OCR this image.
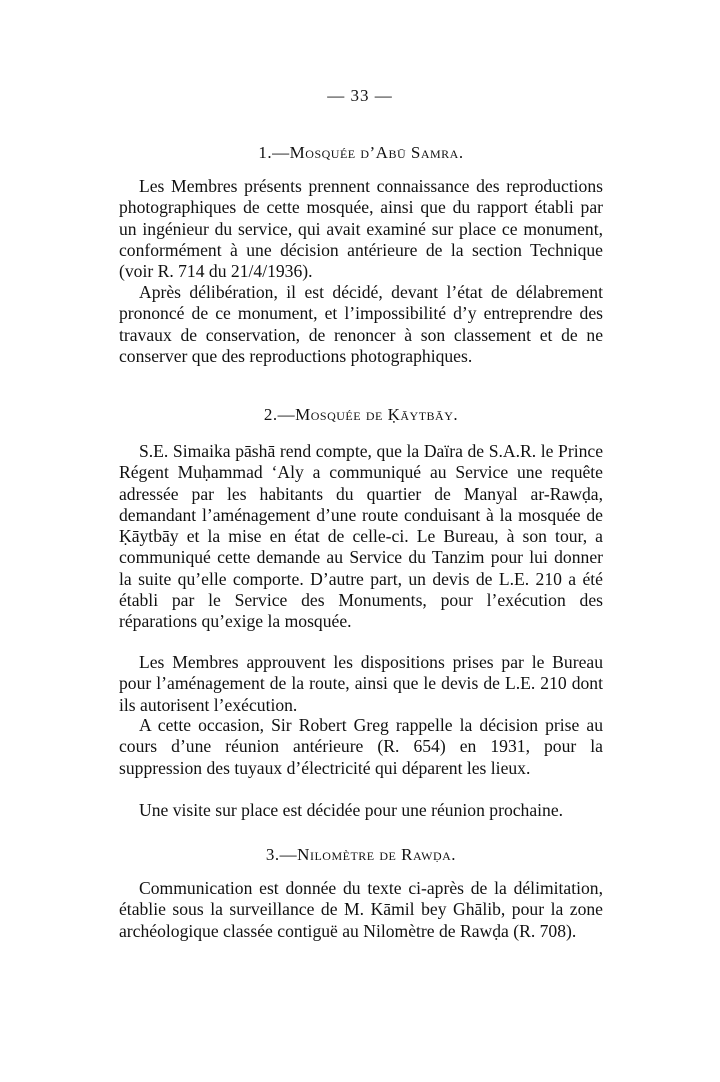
— 33 —
1.—Mosquée d’Abū Samra.

Les Membres présents prennent connaissance des reproductions photographiques de cette mosquée, ainsi que du rapport établi par un ingénieur du service, qui avait examiné sur place ce monument, conformément à une décision antérieure de la section Technique (voir R. 714 du 21/4/1936).

Après délibération, il est décidé, devant l’état de délabrement prononcé de ce monument, et l’impossibilité d’y entreprendre des travaux de conservation, de renoncer à son classement et de ne conserver que des reproductions photographiques.

2.—Mosquée de Ḳāytbāy.

S.E. Simaika pāshā rend compte, que la Daïra de S.A.R. le Prince Régent Muḥammad ‘Aly a communiqué au Service une requête adressée par les habitants du quartier de Manyal ar-Rawḍa, demandant l’aménagement d’une route conduisant à la mosquée de Ḳāytbāy et la mise en état de celle-ci. Le Bureau, à son tour, a communiqué cette demande au Service du Tanzim pour lui donner la suite qu’elle comporte. D’autre part, un devis de L.E. 210 a été établi par le Service des Monuments, pour l’exécution des réparations qu’exige la mosquée.

Les Membres approuvent les dispositions prises par le Bureau pour l’aménagement de la route, ainsi que le devis de L.E. 210 dont ils autorisent l’exécution.

A cette occasion, Sir Robert Greg rappelle la décision prise au cours d’une réunion antérieure (R. 654) en 1931, pour la suppression des tuyaux d’électricité qui déparent les lieux.

Une visite sur place est décidée pour une réunion prochaine.

3.—Nilomètre de Rawḍa.

Communication est donnée du texte ci-après de la délimitation, établie sous la surveillance de M. Kāmil bey Ghālib, pour la zone archéologique classée contiguë au Nilomètre de Rawḍa (R. 708).
